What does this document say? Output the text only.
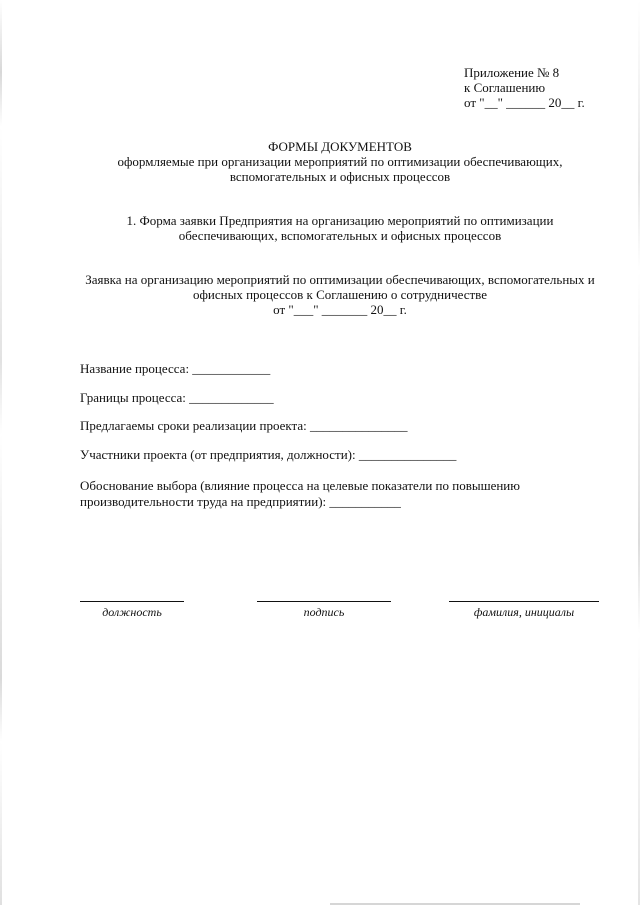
Приложение № 8
к Соглашению
от "__" ______ 20__ г.
ФОРМЫ ДОКУМЕНТОВ
оформляемые при организации мероприятий по оптимизации обеспечивающих,
вспомогательных и офисных процессов
1. Форма заявки Предприятия на организацию мероприятий по оптимизации
обеспечивающих, вспомогательных и офисных процессов
Заявка на организацию мероприятий по оптимизации обеспечивающих, вспомогательных и
офисных процессов к Соглашению о сотрудничестве
от "___" _______ 20__ г.
Название процесса: ____________
Границы процесса: _____________
Предлагаемы сроки реализации проекта: _______________
Участники проекта (от предприятия, должности): _______________
Обоснование выбора (влияние процесса на целевые показатели по повышению
производительности труда на предприятии): ___________
должность	подпись	фамилия, инициалы
